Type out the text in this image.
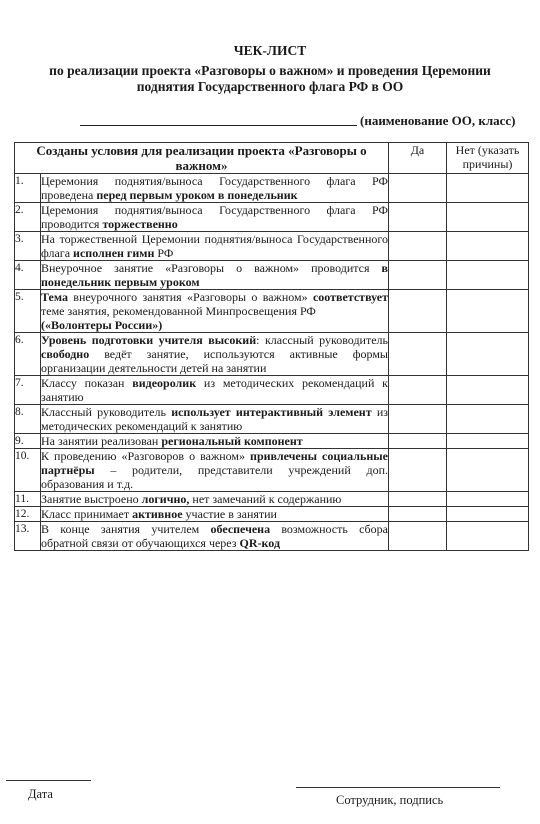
ЧЕК-ЛИСТ
по реализации проекта «Разговоры о важном» и проведения Церемонии
поднятия Государственного флага РФ в ОО
(наименование ОО, класс)
Созданы условия для реализации проекта «Разговоры о важном»		Да	Нет (указать причины)
1.	Церемония поднятия/выноса Государственного флага РФ проведена перед первым уроком в понедельник		
2.	Церемония поднятия/выноса Государственного флага РФ проводится торжественно		
3.	На торжественной Церемонии поднятия/выноса Государственного флага исполнен гимн РФ		
4.	Внеурочное занятие «Разговоры о важном» проводится в понедельник первым уроком		
5.	Тема внеурочного занятия «Разговоры о важном» соответствует теме занятия, рекомендованной Минпросвещения РФ
(«Волонтеры России»)		
6.	Уровень подготовки учителя высокий: классный руководитель свободно ведёт занятие, используются активные формы организации деятельности детей на занятии		
7.	Классу показан видеоролик из методических рекомендаций к занятию		
8.	Классный руководитель использует интерактивный элемент из методических рекомендаций к занятию		
9.	На занятии реализован региональный компонент		
10.	К проведению «Разговоров о важном» привлечены социальные партнёры – родители, представители учреждений доп. образования и т.д.		
11.	Занятие выстроено логично, нет замечаний к содержанию		
12.	Класс принимает активное участие в занятии		
13.	В конце занятия учителем обеспечена возможность сбора обратной связи от обучающихся через QR-код		
Дата	Сотрудник, подпись
